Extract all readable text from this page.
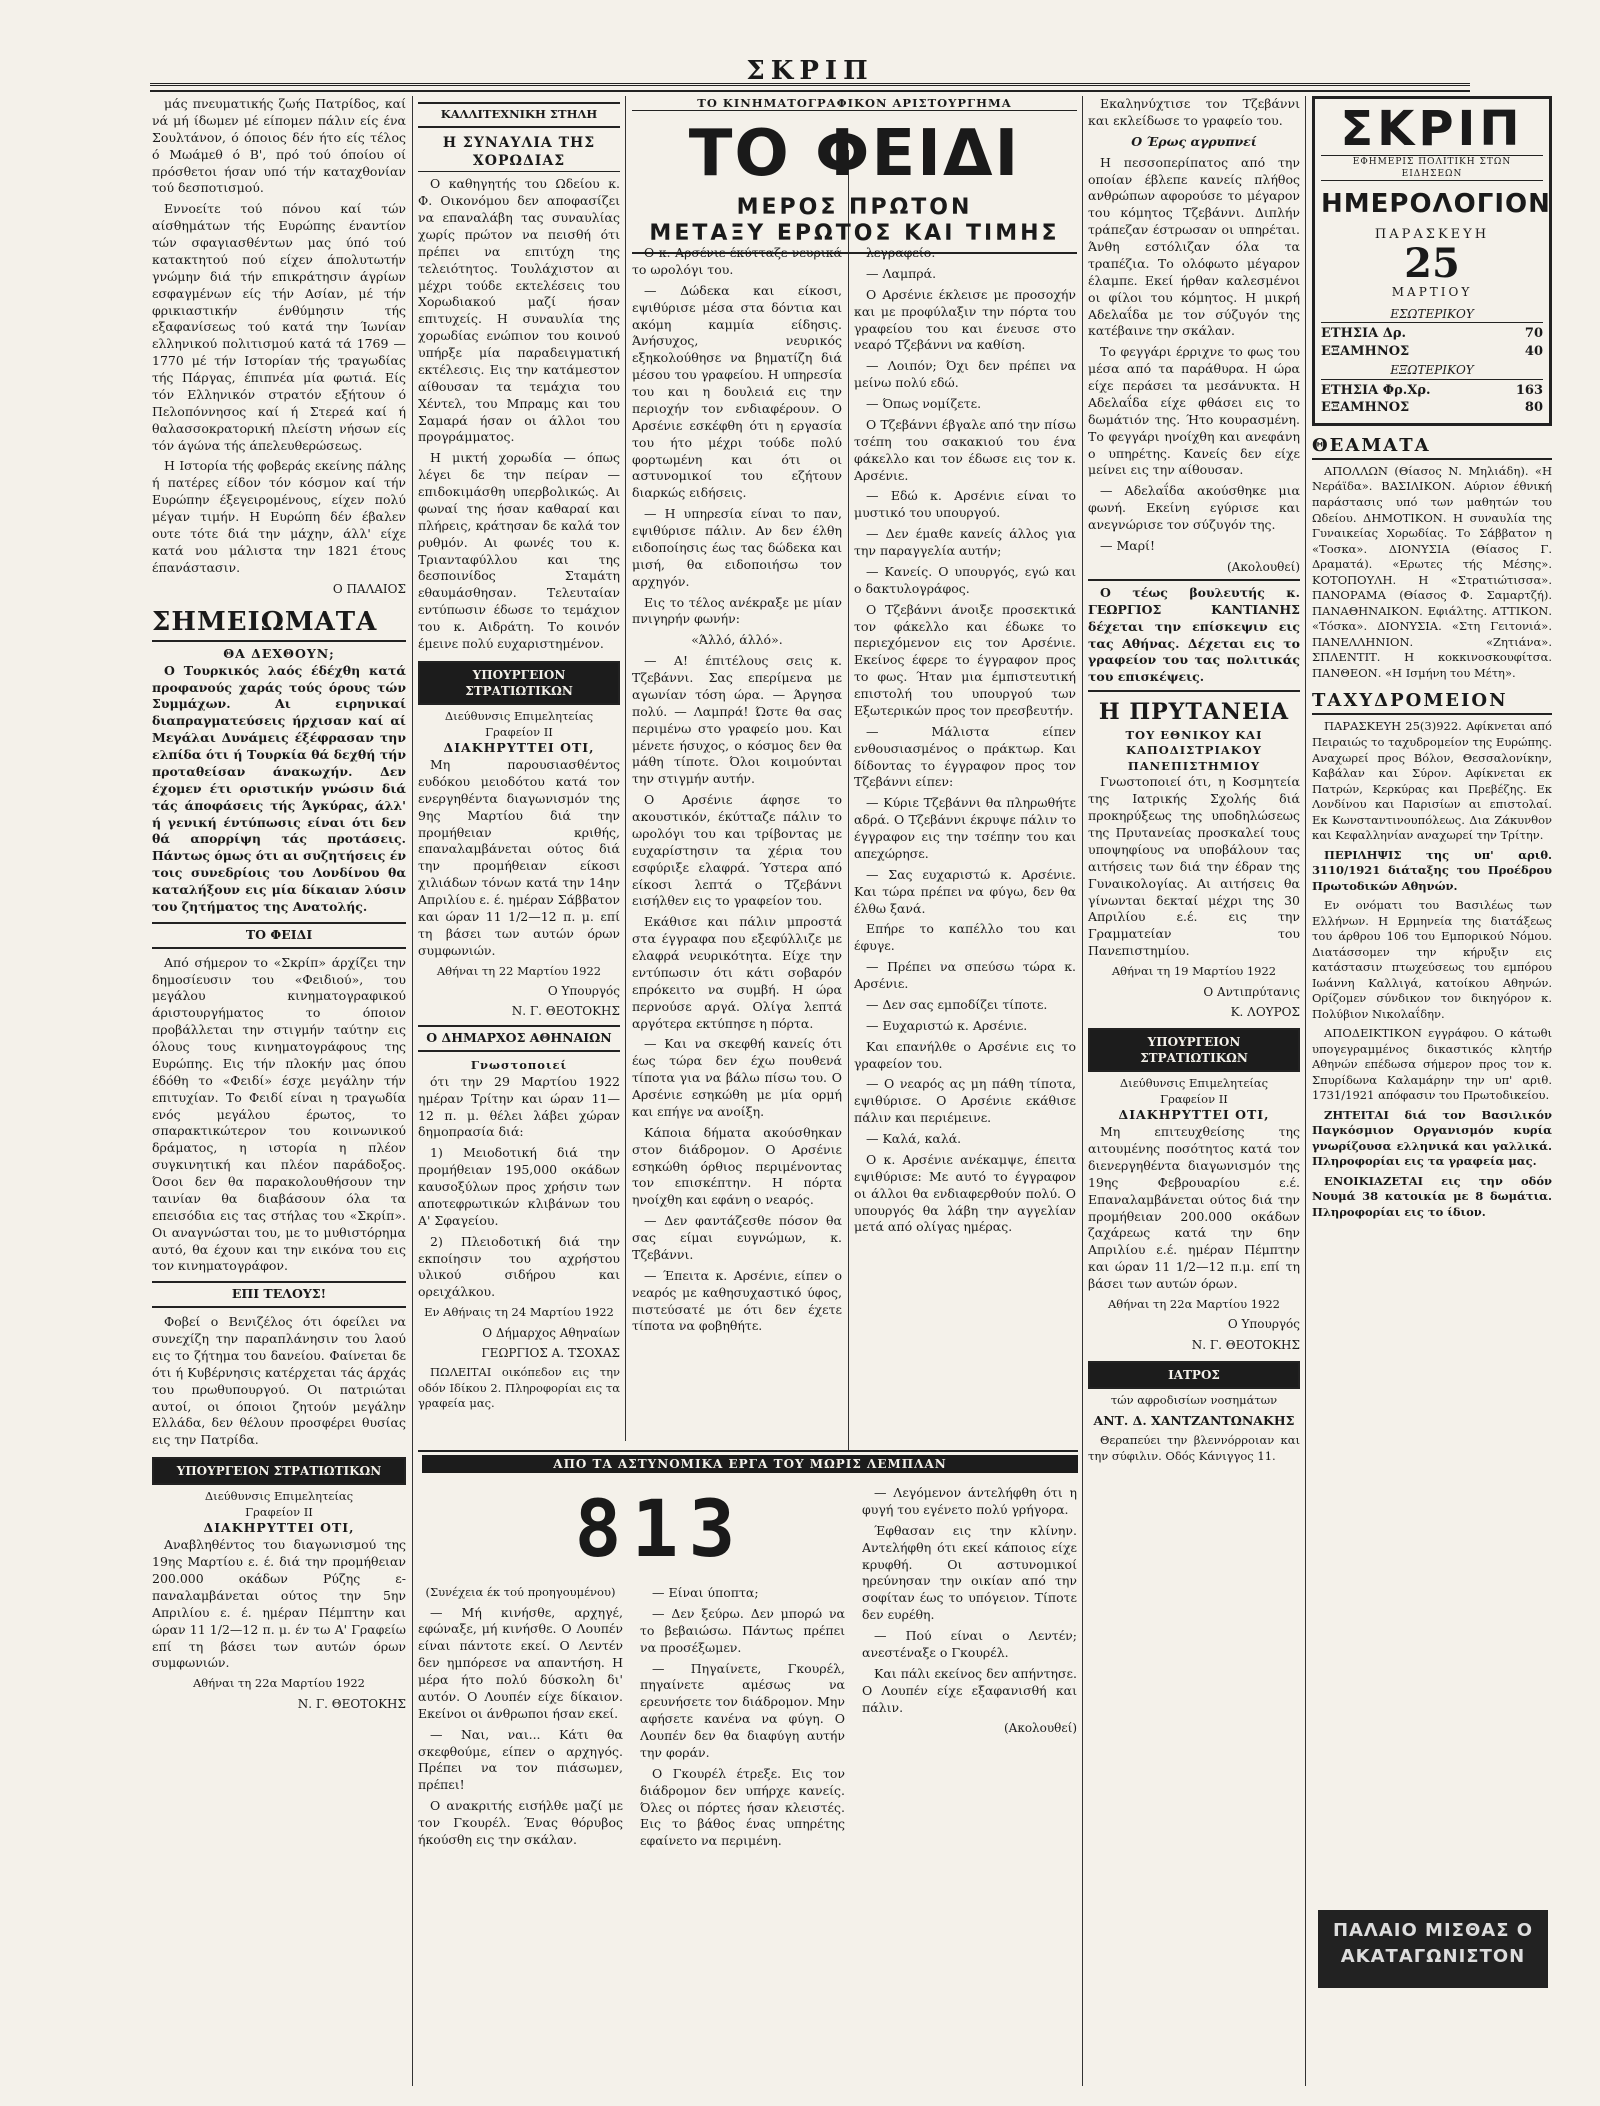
ΣΚΡΙΠ

μάς πνευματικής ζωής Πατρίδος, καί νά μή ίδωμεν μέ είπομεν πάλιν είς ένα Σουλτάνον, ό όποιος δέν ήτο είς τέλος ό Μωάμεθ ό Β', πρό τού όποίου οί πρόσθετοι ήσαν υπό τήν καταχθονίαν τού δεσποτισμού.

Εννοείτε τού πόνου καί τών αίσθημάτων τής Ευρώπης έναντίον τών σφαγιασθέντων μας ύπό τού κατακτητού πού είχεν άπολυτωτήν γνώμην διά τήν επικράτησιν άγρίων εσφαγμένων είς τήν Ασίαν, μέ τήν φρικιαστικήν ένθύμησιν τής εξαφανίσεως τού κατά την Ίωνίαν ελληνικού πολιτισμού κατά τά 1769 — 1770 μέ τήν Ιστορίαν τής τραγωδίας τής Πάργας, έπιπνέα μία φωτιά. Είς τόν Ελληνικόν στρατόν εξήτουν ό Πελοπόννησος καί ή Στερεά καί ή θαλασσοκρατορική πλείστη νήσων είς τόν άγώνα τής άπελευθερώσεως.

Η Ιστορία τής φοβεράς εκείνης πάλης ή πατέρες είδον τόν κόσμον καί τήν Ευρώπην έξεγειρομένους, είχεν πολύ μέγαν τιμήν. Η Ευρώπη δέν έβαλεν ουτε τότε διά την μάχην, άλλ' είχε κατά νου μάλιστα την 1821 έτους έπανάστασιν.

Ο ΠΑΛΑΙΟΣ

ΣΗΜΕΙΩΜΑΤΑ
ΘΑ ΔΕΧΘΟΥΝ;

Ο Τουρκικός λαός έδέχθη κατά προφανούς χαράς τούς όρους τών Συμμάχων. Αι ειρηνικαί διαπραγματεύσεις ήρχισαν καί αί Μεγάλαι Δυνάμεις έξέφρασαν την ελπίδα ότι ή Τουρκία θά δεχθή τήν προταθείσαν άνακωχήν. Δεν έχομεν έτι οριστικήν γνώσιν διά τάς άποφάσεις τής Άγκύρας, άλλ' ή γενική έντύπωσις είναι ότι δεν θά απορρίψη τάς προτάσεις. Πάντως όμως ότι αι συζητήσεις έν τοις συνεδρίοις του Λονδίνου θα καταλήξουν εις μία δίκαιαν λύσιν του ζητήματος της Ανατολής.

ΤΟ ΦΕΙΔΙ

Από σήμερον το «Σκρίπ» άρχίζει την δημοσίευσιν του «Φειδιού», του μεγάλου κινηματογραφικού άριστουργήματος το όποιον προβάλλεται την στιγμήν ταύτην εις όλους τους κινηματογράφους της Ευρώπης. Εις τήν πλοκήν μας όπου έδόθη το «Φειδί» έσχε μεγάλην τήν επιτυχίαν. Το Φειδί είναι η τραγωδία ενός μεγάλου έρωτος, το σπαρακτικώτερον του κοινωνικού δράματος, η ιστορία η πλέον συγκινητική και πλέον παράδοξος. Όσοι δεν θα παρακολουθήσουν την ταινίαν θα διαβάσουν όλα τα επεισόδια εις τας στήλας του «Σκρίπ». Οι αναγνώσται του, με το μυθιστόρημα αυτό, θα έχουν και την εικόνα του εις τον κινηματογράφον.

ΕΠΙ ΤΕΛΟΥΣ!

Φοβεί ο Βενιζέλος ότι όφείλει να συνεχίζη την παραπλάνησιν του λαού εις το ζήτημα του δανείου. Φαίνεται δε ότι ή Κυβέρνησις κατέρχεται τάς άρχάς του πρωθυπουργού. Οι πατριώται αυτοί, οι όποιοι ζητούν μεγάλην Ελλάδα, δεν θέλουν προσφέρει θυσίας εις την Πατρίδα.

ΥΠΟΥΡΓΕΙΟΝ ΣΤΡΑΤΙΩΤΙΚΩΝ
Διεύθυνσις Επιμελητείας
Γραφείον ΙΙ
ΔΙΑΚΗΡΥΤΤΕΙ ΟΤΙ,

Αναβληθέντος του διαγωνισμού της 19ης Μαρτίου ε. έ. διά την προμήθειαν 200.000 οκάδων Ρύζης ε-παναλαμβάνεται ούτος την 5ην Απριλίου ε. έ. ημέραν Πέμπτην και ώραν 11 1/2—12 π. μ. έν τω Α' Γραφείω επί τη βάσει των αυτών όρων συμφωνιών.

Αθήναι τη 22α Μαρτίου 1922

Ν. Γ. ΘΕΟΤΟΚΗΣ

ΚΑΛΛΙΤΕΧΝΙΚΗ ΣΤΗΛΗ
Η ΣΥΝΑΥΛΙΑ ΤΗΣ ΧΟΡΩΔΙΑΣ

Ο καθηγητής του Ωδείου κ. Φ. Οικονόμου δεν αποφασίζει να επαναλάβη τας συναυλίας χωρίς πρώτον να πεισθή ότι πρέπει να επιτύχη της τελειότητος. Τουλάχιστον αι μέχρι τούδε εκτελέσεις του Χορωδιακού μαζί ήσαν επιτυχείς. Η συναυλία της χορωδίας ενώπιον του κοινού υπήρξε μία παραδειγματική εκτέλεσις. Εις την κατάμεστον αίθουσαν τα τεμάχια του Χέντελ, του Μπραμς και του Σαμαρά ήσαν οι άλλοι του προγράμματος.

Η μικτή χορωδία — όπως λέγει δε την πείραν — επιδοκιμάσθη υπερβολικώς. Αι φωναί της ήσαν καθαραί και πλήρεις, κράτησαν δε καλά τον ρυθμόν. Αι φωνές του κ. Τριανταφύλλου και της δεσποινίδος Σταμάτη εθαυμάσθησαν. Τελευταίαν εντύπωσιν έδωσε το τεμάχιον του κ. Αιδράτη. Το κοινόν έμεινε πολύ ευχαριστημένον.

ΥΠΟΥΡΓΕΙΟΝ ΣΤΡΑΤΙΩΤΙΚΩΝ
Διεύθυνσις Επιμελητείας
Γραφείον ΙΙ
ΔΙΑΚΗΡΥΤΤΕΙ ΟΤΙ,

Μη παρουσιασθέντος ευδόκου μειοδότου κατά τον ενεργηθέντα διαγωνισμόν της 9ης Μαρτίου διά την προμήθειαν κριθής, επαναλαμβάνεται ούτος διά την προμήθειαν είκοσι χιλιάδων τόνων κατά την 14ην Απριλίου ε. έ. ημέραν Σάββατον και ώραν 11 1/2—12 π. μ. επί τη βάσει των αυτών όρων συμφωνιών.

Αθήναι τη 22 Μαρτίου 1922

Ο Υπουργός

Ν. Γ. ΘΕΟΤΟΚΗΣ

Ο ΔΗΜΑΡΧΟΣ ΑΘΗΝΑΙΩΝ
Γνωστοποιεί

ότι την 29 Μαρτίου 1922 ημέραν Τρίτην και ώραν 11—12 π. μ. θέλει λάβει χώραν δημοπρασία διά:

1) Μειοδοτική διά την προμήθειαν 195,000 οκάδων καυσοξύλων προς χρήσιν των αποτεφρωτικών κλιβάνων του Α' Σφαγείου.

2) Πλειοδοτική διά την εκποίησιν του αχρήστου υλικού σιδήρου και ορειχάλκου.

Εν Αθήναις τη 24 Μαρτίου 1922

Ο Δήμαρχος Αθηναίων

ΓΕΩΡΓΙΟΣ Α. ΤΣΟΧΑΣ

ΠΩΛΕΙΤΑΙ οικόπεδον εις την οδόν Ιδίκου 2. Πληροφορίαι εις τα γραφεία μας.

ΤΟ ΚΙΝΗΜΑΤΟΓΡΑΦΙΚΟΝ ΑΡΙΣΤΟΥΡΓΗΜΑ
ΤΟ ΦΕΙΔΙ
ΜΕΡΟΣ ΠΡΩΤΟΝ
ΜΕΤΑΞΥ ΕΡΩΤΟΣ ΚΑΙ ΤΙΜΗΣ

Ο κ. Αρσένιε έκύτταζε νευρικά το ωρολόγι του.

— Δώδεκα και είκοσι, εψιθύρισε μέσα στα δόντια και ακόμη καμμία είδησις. Άνήσυχος, νευρικός εξηκολούθησε να βηματίζη διά μέσου του γραφείου. Η υπηρεσία του και η δουλειά εις την περιοχήν τον ενδιαφέρουν. Ο Αρσένιε εσκέφθη ότι η εργασία του ήτο μέχρι τούδε πολύ φορτωμένη και ότι οι αστυνομικοί του εζήτουν διαρκώς ειδήσεις.

— Η υπηρεσία είναι το παν, εψιθύρισε πάλιν. Αν δεν έλθη ειδοποίησις έως τας δώδεκα και μισή, θα ειδοποιήσω τον αρχηγόν.

Εις το τέλος ανέκραξε με μίαν πνιγηρήν φωνήν:

«Άλλό, άλλό».

— Α! έπιτέλους σεις κ. Τζεβάννι. Σας επερίμενα με αγωνίαν τόση ώρα. — Άργησα πολύ. — Λαμπρά! Ώστε θα σας περιμένω στο γραφείο μου. Και μένετε ήσυχος, ο κόσμος δεν θα μάθη τίποτε. Όλοι κοιμούνται την στιγμήν αυτήν.

Ο Αρσένιε άφησε το ακουστικόν, έκύτταζε πάλιν το ωρολόγι του και τρίβοντας με ευχαρίστησιν τα χέρια του εσφύριξε ελαφρά. Ύστερα από είκοσι λεπτά ο Τζεβάννι εισήλθεν εις το γραφείον του.

Εκάθισε και πάλιν μπροστά στα έγγραφα που εξεφύλλιζε με ελαφρά νευρικότητα. Είχε την εντύπωσιν ότι κάτι σοβαρόν επρόκειτο να συμβή. Η ώρα περνούσε αργά. Ολίγα λεπτά αργότερα εκτύπησε η πόρτα.

— Και να σκεφθή κανείς ότι έως τώρα δεν έχω πουθενά τίποτα για να βάλω πίσω του. Ο Αρσένιε εσηκώθη με μία ορμή και επήγε να ανοίξη.

Κάποια δήματα ακούσθηκαν στον διάδρομον. Ο Αρσένιε εσηκώθη όρθιος περιμένοντας τον επισκέπτην. Η πόρτα ηνοίχθη και εφάνη ο νεαρός.

— Δεν φαντάζεσθε πόσον θα σας είμαι ευγνώμων, κ. Τζεβάννι.

— Έπειτα κ. Αρσένιε, είπεν ο νεαρός με καθησυχαστικό ύφος, πιστεύσατέ με ότι δεν έχετε τίποτα να φοβηθήτε.

λεγραφείο.

— Λαμπρά.

Ο Αρσένιε έκλεισε με προσοχήν και με προφύλαξιν την πόρτα του γραφείου του και ένευσε στο νεαρό Τζεβάννι να καθίση.

— Λοιπόν; Όχι δεν πρέπει να μείνω πολύ εδώ.

— Όπως νομίζετε.

Ο Τζεβάννι έβγαλε από την πίσω τσέπη του σακακιού του ένα φάκελλο και τον έδωσε εις τον κ. Αρσένιε.

— Εδώ κ. Αρσένιε είναι το μυστικό του υπουργού.

— Δεν έμαθε κανείς άλλος για την παραγγελία αυτήν;

— Κανείς. Ο υπουργός, εγώ και ο δακτυλογράφος.

Ο Τζεβάννι άνοιξε προσεκτικά τον φάκελλο και έδωκε το περιεχόμενον εις τον Αρσένιε. Εκείνος έφερε το έγγραφον προς το φως. Ήταν μια έμπιστευτική επιστολή του υπουργού των Εξωτερικών προς τον πρεσβευτήν.

— Μάλιστα είπεν ενθουσιασμένος ο πράκτωρ. Και δίδοντας το έγγραφον προς τον Τζεβάννι είπεν:

— Κύριε Τζεβάννι θα πληρωθήτε αδρά. Ο Τζεβάννι έκρυψε πάλιν το έγγραφον εις την τσέπην του και απεχώρησε.

— Σας ευχαριστώ κ. Αρσένιε. Και τώρα πρέπει να φύγω, δεν θα έλθω ξανά.

Επήρε το καπέλλο του και έφυγε.

— Πρέπει να σπεύσω τώρα κ. Αρσένιε.

— Δεν σας εμποδίζει τίποτε.

— Ευχαριστώ κ. Αρσένιε.

Και επανήλθε ο Αρσένιε εις το γραφείον του.

— Ο νεαρός ας μη πάθη τίποτα, εψιθύρισε. Ο Αρσένιε εκάθισε πάλιν και περιέμεινε.

— Καλά, καλά.

Ο κ. Αρσένιε ανέκαμψε, έπειτα εψιθύρισε: Με αυτό το έγγραφον οι άλλοι θα ενδιαφερθούν πολύ. Ο υπουργός θα λάβη την αγγελίαν μετά από ολίγας ημέρας.

ΑΠΟ ΤΑ ΑΣΤΥΝΟΜΙΚΑ ΕΡΓΑ ΤΟΥ ΜΩΡΙΣ ΛΕΜΠΛΑΝ
813

(Συνέχεια έκ τού προηγουμένου)

— Μή κινήσθε, αρχηγέ, εφώναξε, μή κινήσθε. Ο Λουπέν είναι πάντοτε εκεί. Ο Λεντέν δεν ημπόρεσε να απαντήση. Η μέρα ήτο πολύ δύσκολη δι' αυτόν. Ο Λουπέν είχε δίκαιον. Εκείνοι οι άνθρωποι ήσαν εκεί.

— Ναι, ναι... Κάτι θα σκεφθούμε, είπεν ο αρχηγός. Πρέπει να τον πιάσωμεν, πρέπει!

Ο ανακριτής εισήλθε μαζί με τον Γκουρέλ. Ένας θόρυβος ήκούσθη εις την σκάλαν.

— Είναι ύποπτα;

— Δεν ξεύρω. Δεν μπορώ να το βεβαιώσω. Πάντως πρέπει να προσέξωμεν.

— Πηγαίνετε, Γκουρέλ, πηγαίνετε αμέσως να ερευνήσετε τον διάδρομον. Μην αφήσετε κανένα να φύγη. Ο Λουπέν δεν θα διαφύγη αυτήν την φοράν.

Ο Γκουρέλ έτρεξε. Εις τον διάδρομον δεν υπήρχε κανείς. Όλες οι πόρτες ήσαν κλειστές. Εις το βάθος ένας υπηρέτης εφαίνετο να περιμένη.

— Λεγόμενον άντελήφθη ότι η φυγή του εγένετο πολύ γρήγορα.

Έφθασαν εις την κλίνην. Αντελήφθη ότι εκεί κάποιος είχε κρυφθή. Οι αστυνομικοί ηρεύνησαν την οικίαν από την σοφίταν έως το υπόγειον. Τίποτε δεν ευρέθη.

— Πού είναι ο Λεντέν; ανεστέναξε ο Γκουρέλ.

Και πάλι εκείνος δεν απήντησε. Ο Λουπέν είχε εξαφανισθή και πάλιν.

(Ακολουθεί)

Εκαληνύχτισε τον Τζεβάννι και εκλείδωσε το γραφείο του.

Ο Έρως αγρυπνεί

Η πεσσοπερίπατος από την οποίαν έβλεπε κανείς πλήθος ανθρώπων αφορούσε το μέγαρον του κόμητος Τζεβάννι. Διπλήν τράπεζαν έστρωσαν οι υπηρέται. Άνθη εστόλιζαν όλα τα τραπέζια. Το ολόφωτο μέγαρον έλαμπε. Εκεί ήρθαν καλεσμένοι οι φίλοι του κόμητος. Η μικρή Αδελαΐδα με τον σύζυγόν της κατέβαινε την σκάλαν.

Το φεγγάρι έρριχνε το φως του μέσα από τα παράθυρα. Η ώρα είχε περάσει τα μεσάνυκτα. Η Αδελαΐδα είχε φθάσει εις το δωμάτιόν της. Ήτο κουρασμένη. Το φεγγάρι ηνοίχθη και ανεφάνη ο υπηρέτης. Κανείς δεν είχε μείνει εις την αίθουσαν.

— Αδελαΐδα ακούσθηκε μια φωνή. Εκείνη εγύρισε και ανεγνώρισε τον σύζυγόν της.

— Μαρί!

(Ακολουθεί)

Ο τέως βουλευτής κ. ΓΕΩΡΓΙΟΣ ΚΑΝΤΙΑΝΗΣ δέχεται την επίσκεψιν εις τας Αθήνας. Δέχεται εις το γραφείον του τας πολιτικάς του επισκέψεις.

Η ΠΡΥΤΑΝΕΙΑ
ΤΟΥ ΕΘΝΙΚΟΥ ΚΑΙ ΚΑΠΟΔΙΣΤΡΙΑΚΟΥ ΠΑΝΕΠΙΣΤΗΜΙΟΥ

Γνωστοποιεί ότι, η Κοσμητεία της Ιατρικής Σχολής διά προκηρύξεως της υποδηλώσεως της Πρυτανείας προσκαλεί τους υποψηφίους να υποβάλουν τας αιτήσεις των διά την έδραν της Γυναικολογίας. Αι αιτήσεις θα γίνωνται δεκταί μέχρι της 30 Απριλίου ε.έ. εις την Γραμματείαν του Πανεπιστημίου.

Αθήναι τη 19 Μαρτίου 1922

Ο Αντιπρύτανις

Κ. ΛΟΥΡΟΣ

ΥΠΟΥΡΓΕΙΟΝ ΣΤΡΑΤΙΩΤΙΚΩΝ
Διεύθυνσις Επιμελητείας
Γραφείον ΙΙ
ΔΙΑΚΗΡΥΤΤΕΙ ΟΤΙ,

Μη επιτευχθείσης της αιτουμένης ποσότητος κατά τον διενεργηθέντα διαγωνισμόν της 19ης Φεβρουαρίου ε.έ. Επαναλαμβάνεται ούτος διά την προμήθειαν 200.000 οκάδων ζαχάρεως κατά την 6ην Απριλίου ε.έ. ημέραν Πέμπτην και ώραν 11 1/2—12 π.μ. επί τη βάσει των αυτών όρων.

Αθήναι τη 22α Μαρτίου 1922

Ο Υπουργός

Ν. Γ. ΘΕΟΤΟΚΗΣ

ΙΑΤΡΟΣ

τών αφροδισίων νοσημάτων

ΑΝΤ. Δ. ΧΑΝΤΖΑΝΤΩΝΑΚΗΣ

Θεραπεύει την βλεννόρροιαν και την σύφιλιν. Οδός Κάνιγγος 11.

ΣΚΡΙΠ
ΕΦΗΜΕΡΙΣ ΠΟΛΙΤΙΚΗ ΣΤΩΝ ΕΙΔΗΣΕΩΝ
ΗΜΕΡΟΛΟΓΙΟΝ
ΠΑΡΑΣΚΕΥΗ
25
ΜΑΡΤΙΟΥ
ΕΣΩΤΕΡΙΚΟΥ
ΕΤΗΣΙΑ Δρ.	70
ΕΞΑΜΗΝΟΣ	40
ΕΞΩΤΕΡΙΚΟΥ
ΕΤΗΣΙΑ Φρ.Χρ.	163
ΕΞΑΜΗΝΟΣ	80
ΘΕΑΜΑΤΑ

ΑΠΟΛΛΩΝ (Θίασος Ν. Μηλιάδη). «Η Νεράϊδα». ΒΑΣΙΛΙΚΟΝ. Αύριον έθνική παράστασις υπό των μαθητών του Ωδείου. ΔΗΜΟΤΙΚΟΝ. Η συναυλία της Γυναικείας Χορωδίας. Το Σάββατον η «Τοσκα». ΔΙΟΝΥΣΙΑ (Θίασος Γ. Δραματά). «Ερωτες τής Μέσης». ΚΟΤΟΠΟΥΛΗ. Η «Στρατιώτισσα». ΠΑΝΟΡΑΜΑ (Θίασος Φ. Σαμαρτζή). ΠΑΝΑΘΗΝΑΙΚΟΝ. Εφιάλτης. ΑΤΤΙΚΟΝ. «Τόσκα». ΔΙΟΝΥΣΙΑ. «Στη Γειτονιά». ΠΑΝΕΛΛΗΝΙΟΝ. «Ζητιάνα». ΣΠΛΕΝΤΙΤ. Η κοκκινοσκουφίτσα. ΠΑΝΘΕΟΝ. «Η Ισμήνη του Μέτη».

ΤΑΧΥΔΡΟΜΕΙΟΝ

ΠΑΡΑΣΚΕΥΗ 25(3)922. Αφίκνεται από Πειραιώς το ταχυδρομείον της Ευρώπης. Αναχωρεί προς Βόλον, Θεσσαλονίκην, Καβάλαν και Σύρον. Αφίκνεται εκ Πατρών, Κερκύρας και Πρεβέζης. Εκ Λονδίνου και Παρισίων αι επιστολαί. Εκ Κωνσταντινουπόλεως. Δια Ζάκυνθον και Κεφαλληνίαν αναχωρεί την Τρίτην.

ΠΕΡΙΛΗΨΙΣ της υπ' αριθ. 3110/1921 διάταξης του Προέδρου Πρωτοδικών Αθηνών.

Εν ονόματι του Βασιλέως των Ελλήνων. Η Ερμηνεία της διατάξεως του άρθρου 106 του Εμπορικού Νόμου. Διατάσσομεν την κήρυξιν εις κατάστασιν πτωχεύσεως του εμπόρου Ιωάννη Καλλιγά, κατοίκου Αθηνών. Ορίζομεν σύνδικον τον δικηγόρον κ. Πολύβιον Νικολαΐδην.

ΑΠΟΔΕΙΚΤΙΚΟΝ εγγράφου. Ο κάτωθι υπογεγραμμένος δικαστικός κλητήρ Αθηνών επέδωσα σήμερον προς τον κ. Σπυρίδωνα Καλαμάρην την υπ' αριθ. 1731/1921 απόφασιν του Πρωτοδικείου.

ΖΗΤΕΙΤΑΙ διά τον Βασιλικόν Παγκόσμιον Οργανισμόν κυρία γνωρίζουσα ελληνικά και γαλλικά. Πληροφορίαι εις τα γραφεία μας.

ΕΝΟΙΚΙΑΖΕΤΑΙ εις την οδόν Νουμά 38 κατοικία με 8 δωμάτια. Πληροφορίαι εις το ίδιον.

ΠΑΛΑΙΟ ΜΙΣΘΑΣ Ο ΑΚΑΤΑΓΩΝΙΣΤΟΝ
